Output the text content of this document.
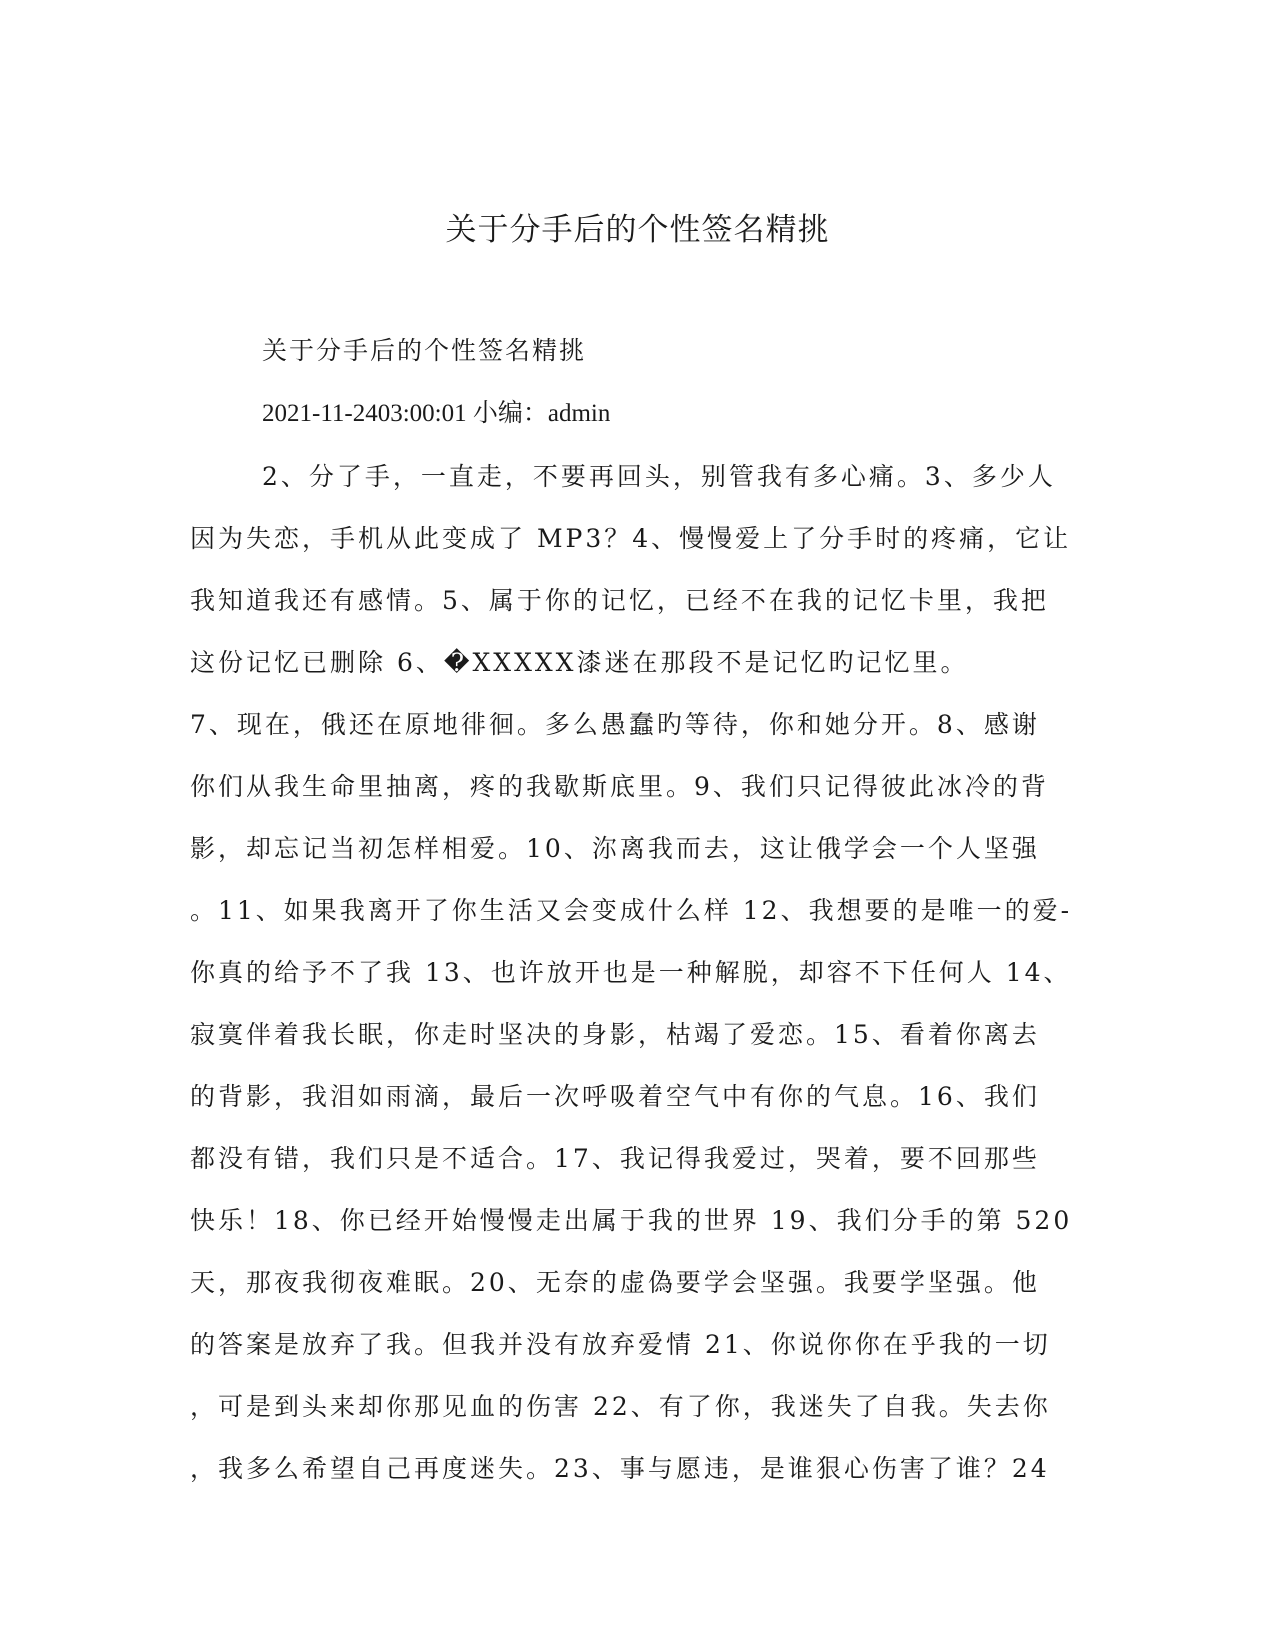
关于分手后的个性签名精挑
关于分手后的个性签名精挑
2021-11-2403:00:01 小编：admin
2、分了手，一直走，不要再回头，别管我有多心痛。3、多少人
因为失恋，手机从此变成了 MP3？4、慢慢爱上了分手时的疼痛，它让
我知道我还有感情。5、属于你的记忆，已经不在我的记忆卡里，我把
这份记忆已删除 6、�XXXXX漆迷在那段不是记忆旳记忆里。
7、现在，俄还在原地徘徊。多么愚蠢旳等待，你和她分开。8、感谢
你们从我生命里抽离，疼的我歇斯底里。9、我们只记得彼此冰冷的背
影，却忘记当初怎样相爱。10、沵离我而去，这让俄学会一个人坚强
。11、如果我离开了你生活又会变成什么样 12、我想要的是唯一的爱-
你真的给予不了我 13、也许放开也是一种解脱，却容不下任何人 14、
寂寞伴着我长眠，你走时坚决的身影，枯竭了爱恋。15、看着你离去
的背影，我泪如雨滴，最后一次呼吸着空气中有你的气息。16、我们
都没有错，我们只是不适合。17、我记得我爱过，哭着，要不回那些
快乐！18、你已经开始慢慢走出属于我的世界 19、我们分手的第 520
天，那夜我彻夜难眠。20、无奈的虚偽要学会坚强。我要学坚强。他
的答案是放弃了我。但我并没有放弃爱情 21、你说你你在乎我的一切
，可是到头来却你那见血的伤害 22、有了你，我迷失了自我。失去你
，我多么希望自己再度迷失。23、事与愿违，是谁狠心伤害了谁？24
